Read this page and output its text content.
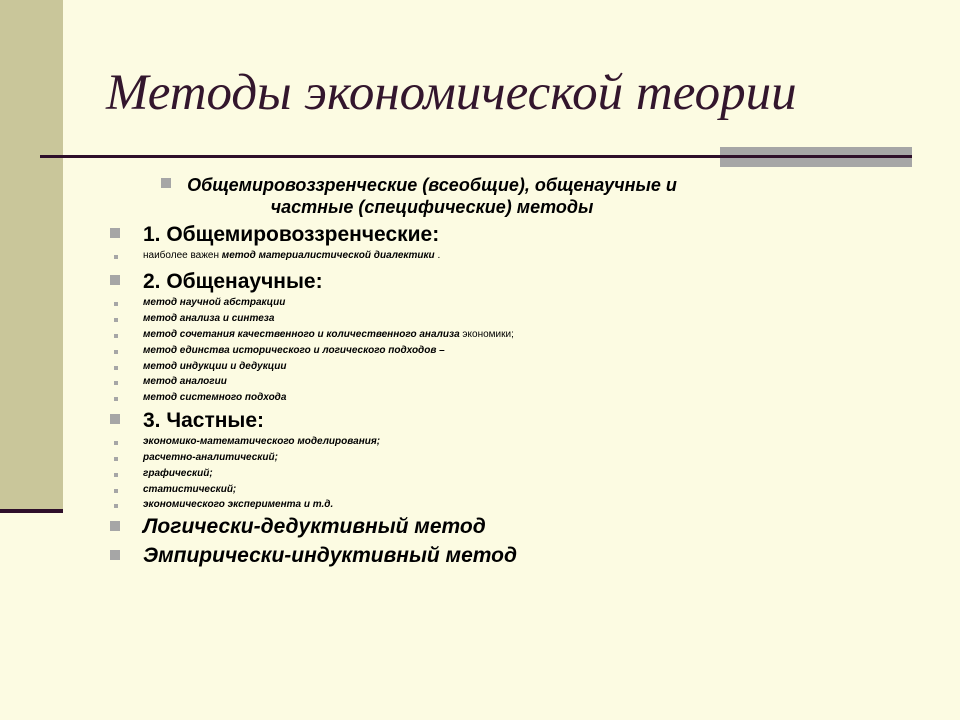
Методы экономической теории
Общемировоззренческие (всеобщие), общенаучные и частные (специфические) методы
1. Общемировоззренческие:
наиболее важен метод материалистической диалектики .
2. Общенаучные:
метод научной абстракции
метод анализа и синтеза
метод сочетания качественного и количественного анализа экономики;
метод единства исторического и логического подходов –
метод индукции и дедукции
метод аналогии
метод системного подхода
3. Частные:
экономико-математического моделирования;
расчетно-аналитический;
графический;
статистический;
экономического эксперимента и т.д.
Логически-дедуктивный метод
Эмпирически-индуктивный метод
